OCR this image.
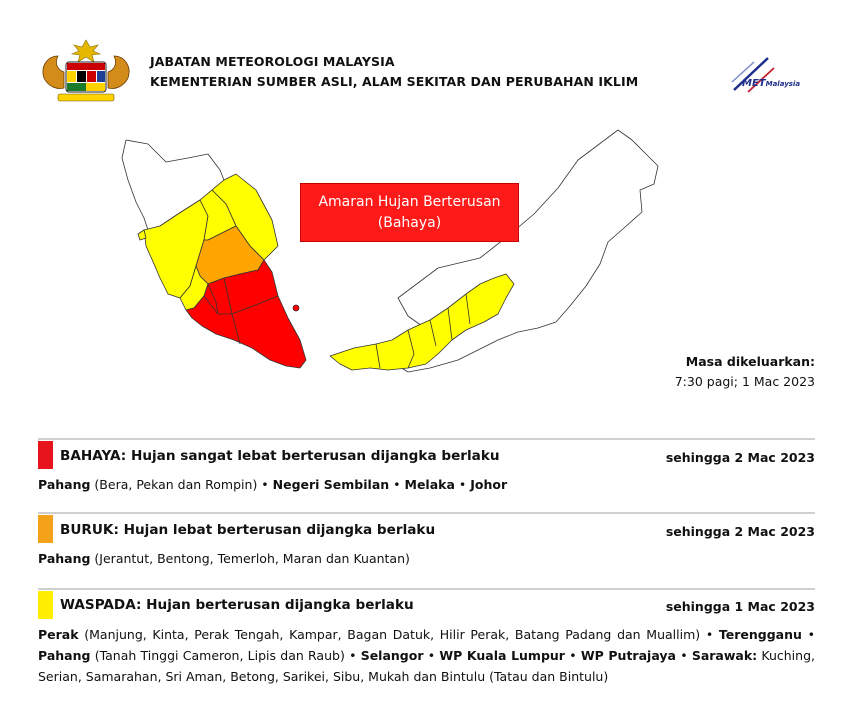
JABATAN METEOROLOGI MALAYSIA
KEMENTERIAN SUMBER ASLI, ALAM SEKITAR DAN PERUBAHAN IKLIM	METMalaysia
Amaran Hujan Berterusan
(Bahaya)
Masa dikeluarkan:
7:30 pagi; 1 Mac 2023
BAHAYA: Hujan sangat lebat berterusan dijangka berlaku	sehingga 2 Mac 2023
Pahang (Bera, Pekan dan Rompin) • Negeri Sembilan • Melaka • Johor
BURUK: Hujan lebat berterusan dijangka berlaku	sehingga 2 Mac 2023
Pahang (Jerantut, Bentong, Temerloh, Maran dan Kuantan)
WASPADA: Hujan berterusan dijangka berlaku	sehingga 1 Mac 2023
Perak (Manjung, Kinta, Perak Tengah, Kampar, Bagan Datuk, Hilir Perak, Batang Padang dan Muallim) • Terengganu • Pahang (Tanah Tinggi Cameron, Lipis dan Raub) • Selangor • WP Kuala Lumpur • WP Putrajaya • Sarawak: Kuching, Serian, Samarahan, Sri Aman, Betong, Sarikei, Sibu, Mukah dan Bintulu (Tatau dan Bintulu)
